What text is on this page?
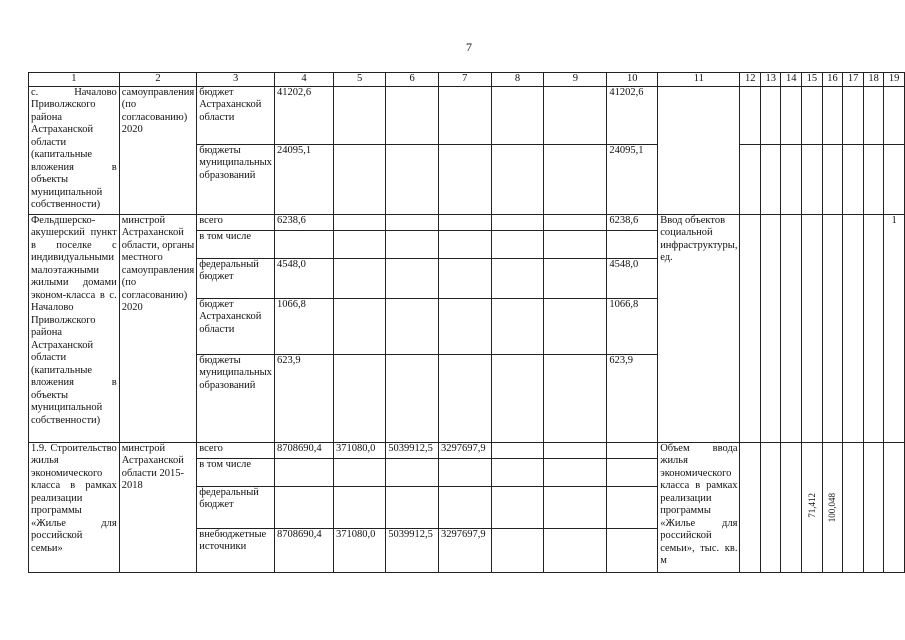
7
1	2	3	4	5	6	7	8	9	10	11	12	13	14	15	16	17	18	19
с. Началово Приволжского района Астраханской области (капитальные вложения в объекты муниципальной собственности)	самоуправления (по согласованию) 2020	бюджет Астраханской области	41202,6						41202,6									
		бюджеты муниципальных образований	24095,1						24095,1									
Фельдшерско-акушерский пункт в поселке с индивидуальными малоэтажными жилыми домами эконом-класса в с. Началово Приволжского района Астраханской области (капитальные вложения в объекты муниципальной собственности)	минстрой Астраханской области, органы местного самоуправления (по согласованию) 2020	всего	6238,6						6238,6	Ввод объектов социальной инфраструктуры, ед.								1
		в том числе																
		федеральный бюджет	4548,0						4548,0									
		бюджет Астраханской области	1066,8						1066,8									
		бюджеты муниципальных образований	623,9						623,9									
1.9. Строительство жилья экономического класса в рамках реализации программы «Жилье для российской семьи»	минстрой Астраханской области 2015-2018	всего	8708690,4	371080,0	5039912,5	3297697,9				Объем ввода жилья экономического класса в рамках реализации программы «Жилье для российской семьи», тыс. кв. м				71,412	100,048			
		в том числе																
		федеральный бюджет																
		внебюджетные источники	8708690,4	371080,0	5039912,5	3297697,9												
